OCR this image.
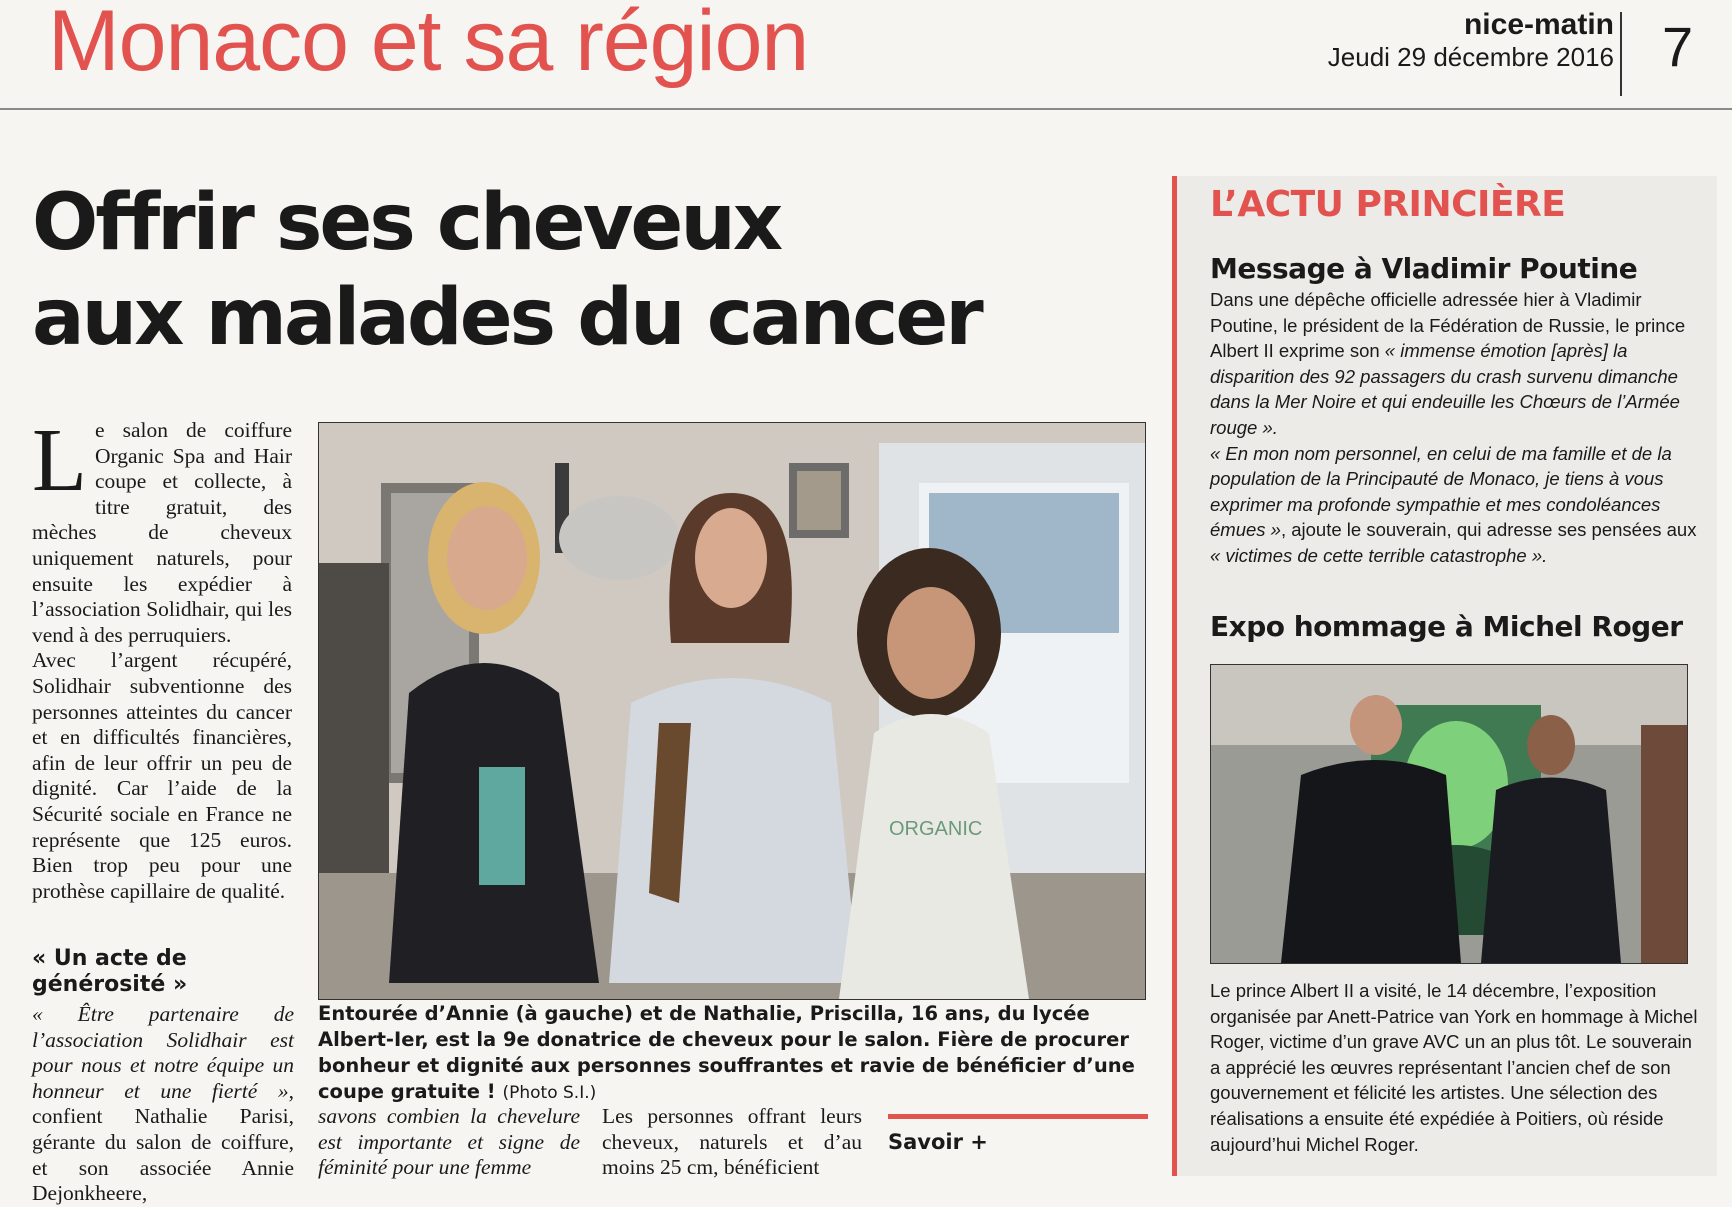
Monaco et sa région	nice-matin
Jeudi 29 décembre 2016 7
Offrir ses cheveux
aux malades du cancer

Le salon de coiffure Organic Spa and Hair coupe et collecte, à titre gratuit, des mèches de cheveux uniquement naturels, pour ensuite les expédier à l’association Solidhair, qui les vend à des perruquiers.

Avec l’argent récupéré, Solidhair subventionne des personnes atteintes du cancer et en difficultés financières, afin de leur offrir un peu de dignité. Car l’aide de la Sécurité sociale en France ne représente que 125 euros. Bien trop peu pour une prothèse capillaire de qualité.

« Un acte de générosité »

« Être partenaire de l’association Solidhair est pour nous et notre équipe un honneur et une fierté », confient Nathalie Parisi, gérante du salon de coiffure, et son associée Annie Dejonkheere,

ORGANIC

Entourée d’Annie (à gauche) et de Nathalie, Priscilla, 16 ans, du lycée Albert-Ier, est la 9e donatrice de cheveux pour le salon. Fière de procurer bonheur et dignité aux personnes souffrantes et ravie de bénéficier d’une coupe gratuite ! (Photo S.I.)

savons combien la chevelure est importante et signe de féminité pour une femme

Les personnes offrant leurs cheveux, naturels et d’au moins 25 cm, bénéficient

Savoir +
L’ACTU PRINCIÈRE
Message à Vladimir Poutine

Dans une dépêche officielle adressée hier à Vladimir Poutine, le président de la Fédération de Russie, le prince Albert II exprime son « immense émotion [après] la disparition des 92 passagers du crash survenu dimanche dans la Mer Noire et qui endeuille les Chœurs de l’Armée rouge ».
« En mon nom personnel, en celui de ma famille et de la population de la Principauté de Monaco, je tiens à vous exprimer ma profonde sympathie et mes condoléances émues », ajoute le souverain, qui adresse ses pensées aux « victimes de cette terrible catastrophe ».

Expo hommage à Michel Roger

Le prince Albert II a visité, le 14 décembre, l’exposition organisée par Anett-Patrice van York en hommage à Michel Roger, victime d’un grave AVC un an plus tôt. Le souverain a apprécié les œuvres représentant l’ancien chef de son gouvernement et félicité les artistes. Une sélection des réalisations a ensuite été expédiée à Poitiers, où réside aujourd’hui Michel Roger.
